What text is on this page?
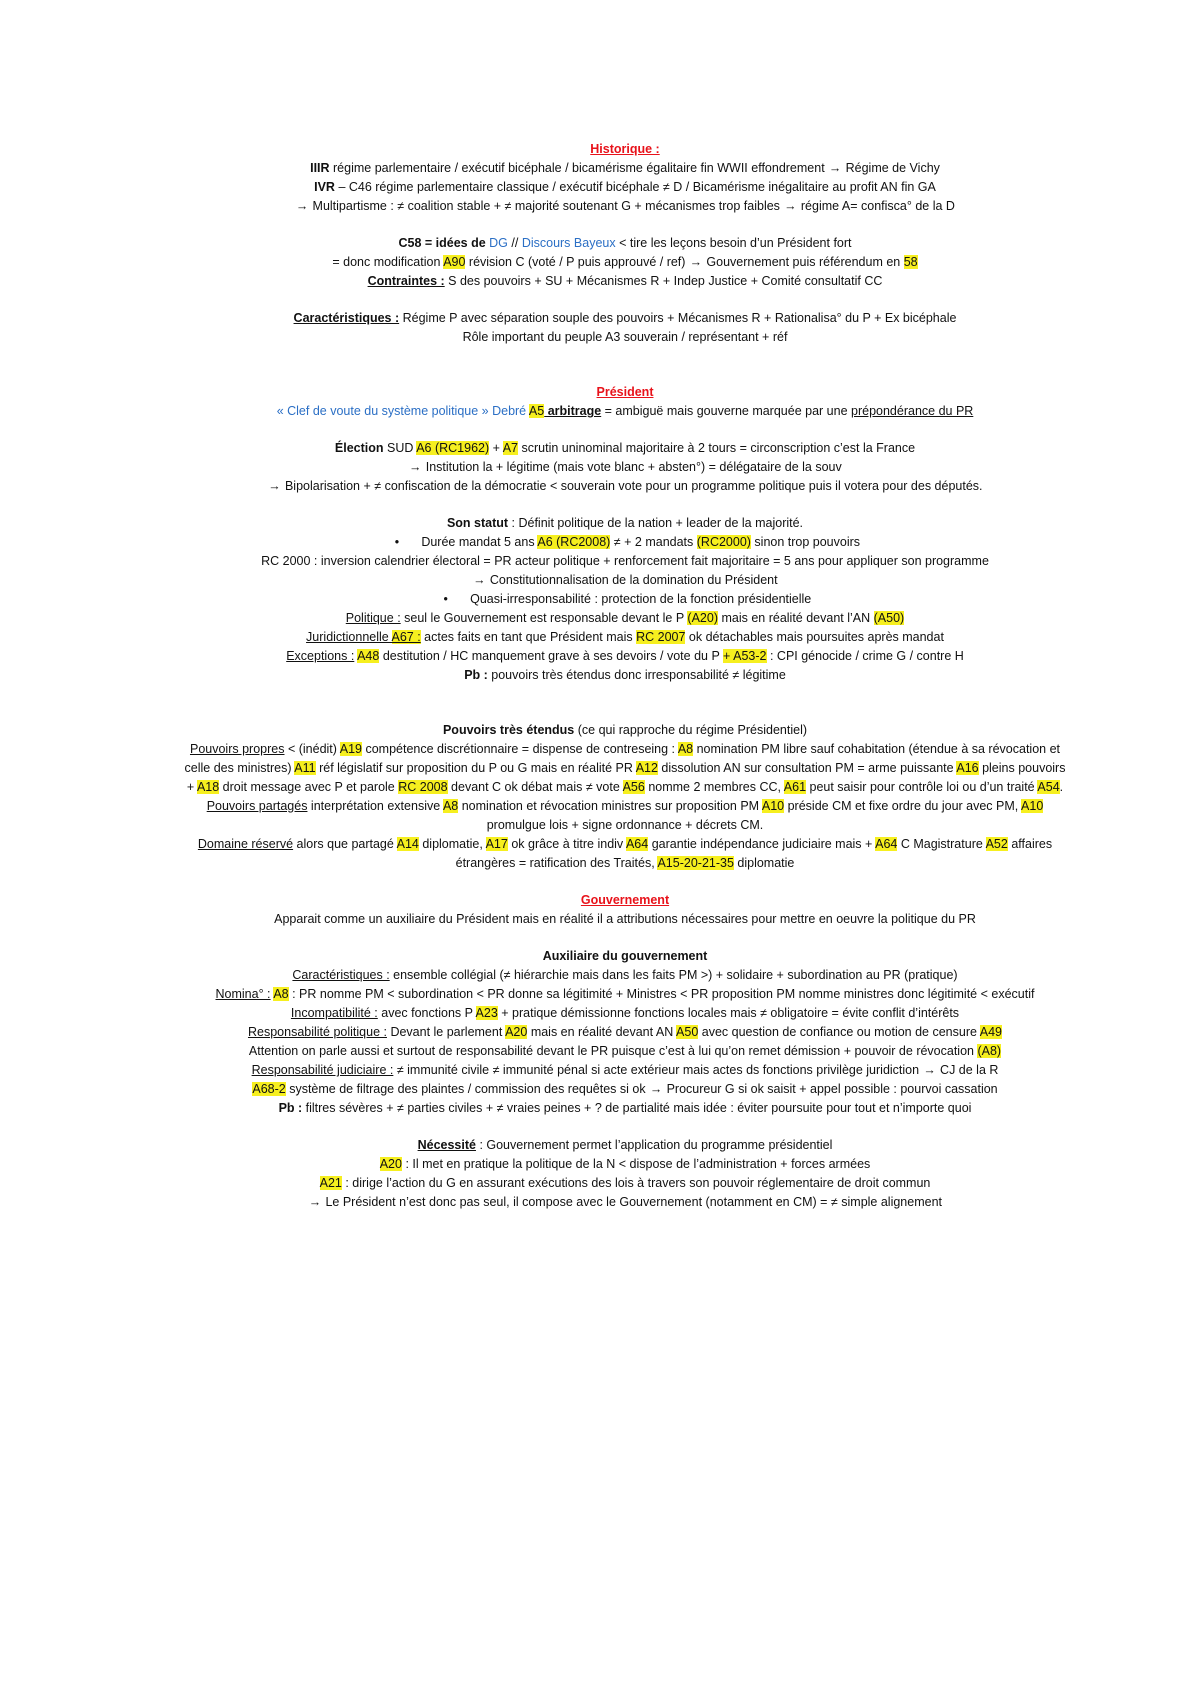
Historique :
IIIR régime parlementaire / exécutif bicéphale / bicamérisme égalitaire fin WWII effondrement → Régime de Vichy
IVR – C46 régime parlementaire classique / exécutif bicéphale ≠ D / Bicamérisme inégalitaire au profit AN fin GA
→ Multipartisme : ≠ coalition stable + ≠ majorité soutenant G + mécanismes trop faibles → régime A= confisca° de la D
C58 = idées de DG // Discours Bayeux < tire les leçons besoin d’un Président fort
= donc modification A90 révision C (voté / P puis approuvé / ref) → Gouvernement puis référendum en 58
Contraintes : S des pouvoirs + SU + Mécanismes R + Indep Justice + Comité consultatif CC
Caractéristiques : Régime P avec séparation souple des pouvoirs + Mécanismes R + Rationalisa° du P + Ex bicéphale
Rôle important du peuple A3 souverain / représentant + réf
Président
« Clef de voute du système politique » Debré A5 arbitrage = ambiguë mais gouverne marquée par une prépondérance du PR
Élection SUD A6 (RC1962) + A7 scrutin uninominal majoritaire à 2 tours = circonscription c’est la France
→ Institution la + légitime (mais vote blanc + absten°) = délégataire de la souv
→ Bipolarisation + ≠ confiscation de la démocratie < souverain vote pour un programme politique puis il votera pour des députés.
Son statut : Définit politique de la nation + leader de la majorité.
• Durée mandat 5 ans A6 (RC2008) ≠ + 2 mandats (RC2000) sinon trop pouvoirs
RC 2000 : inversion calendrier électoral = PR acteur politique + renforcement fait majoritaire = 5 ans pour appliquer son programme
→ Constitutionnalisation de la domination du Président
• Quasi-irresponsabilité : protection de la fonction présidentielle
Politique : seul le Gouvernement est responsable devant le P (A20) mais en réalité devant l’AN (A50)
Juridictionnelle A67 : actes faits en tant que Président mais RC 2007 ok détachables mais poursuites après mandat
Exceptions : A48 destitution / HC manquement grave à ses devoirs / vote du P + A53-2 : CPI génocide / crime G / contre H
Pb : pouvoirs très étendus donc irresponsabilité ≠ légitime
Pouvoirs très étendus (ce qui rapproche du régime Présidentiel)
Pouvoirs propres < (inédit) A19 compétence discrétionnaire = dispense de contreseing : A8 nomination PM libre sauf cohabitation (étendue à sa révocation et celle des ministres) A11 réf législatif sur proposition du P ou G mais en réalité PR A12 dissolution AN sur consultation PM = arme puissante A16 pleins pouvoirs + A18 droit message avec P et parole RC 2008 devant C ok débat mais ≠ vote A56 nomme 2 membres CC, A61 peut saisir pour contrôle loi ou d’un traité A54.
Pouvoirs partagés interprétation extensive A8 nomination et révocation ministres sur proposition PM A10 préside CM et fixe ordre du jour avec PM, A10 promulgue lois + signe ordonnance + décrets CM.
Domaine réservé alors que partagé A14 diplomatie, A17 ok grâce à titre indiv A64 garantie indépendance judiciaire mais + A64 C Magistrature A52 affaires étrangères = ratification des Traités, A15-20-21-35 diplomatie
Gouvernement
Apparait comme un auxiliaire du Président mais en réalité il a attributions nécessaires pour mettre en oeuvre la politique du PR
Auxiliaire du gouvernement
Caractéristiques : ensemble collégial (≠ hiérarchie mais dans les faits PM >) + solidaire + subordination au PR (pratique)
Nomina° : A8 : PR nomme PM < subordination < PR donne sa légitimité + Ministres < PR proposition PM nomme ministres donc légitimité < exécutif
Incompatibilité : avec fonctions P A23 + pratique démissionne fonctions locales mais ≠ obligatoire = évite conflit d’intérêts
Responsabilité politique : Devant le parlement A20 mais en réalité devant AN A50 avec question de confiance ou motion de censure A49
Attention on parle aussi et surtout de responsabilité devant le PR puisque c’est à lui qu’on remet démission + pouvoir de révocation (A8)
Responsabilité judiciaire : ≠ immunité civile ≠ immunité pénal si acte extérieur mais actes ds fonctions privilège juridiction → CJ de la R
A68-2 système de filtrage des plaintes / commission des requêtes si ok → Procureur G si ok saisit + appel possible : pourvoi cassation
Pb : filtres sévères + ≠ parties civiles + ≠ vraies peines + ? de partialité mais idée : éviter poursuite pour tout et n’importe quoi
Nécessité : Gouvernement permet l’application du programme présidentiel
A20 : Il met en pratique la politique de la N < dispose de l’administration + forces armées
A21 : dirige l’action du G en assurant exécutions des lois à travers son pouvoir réglementaire de droit commun
→ Le Président n’est donc pas seul, il compose avec le Gouvernement (notamment en CM) = ≠ simple alignement
